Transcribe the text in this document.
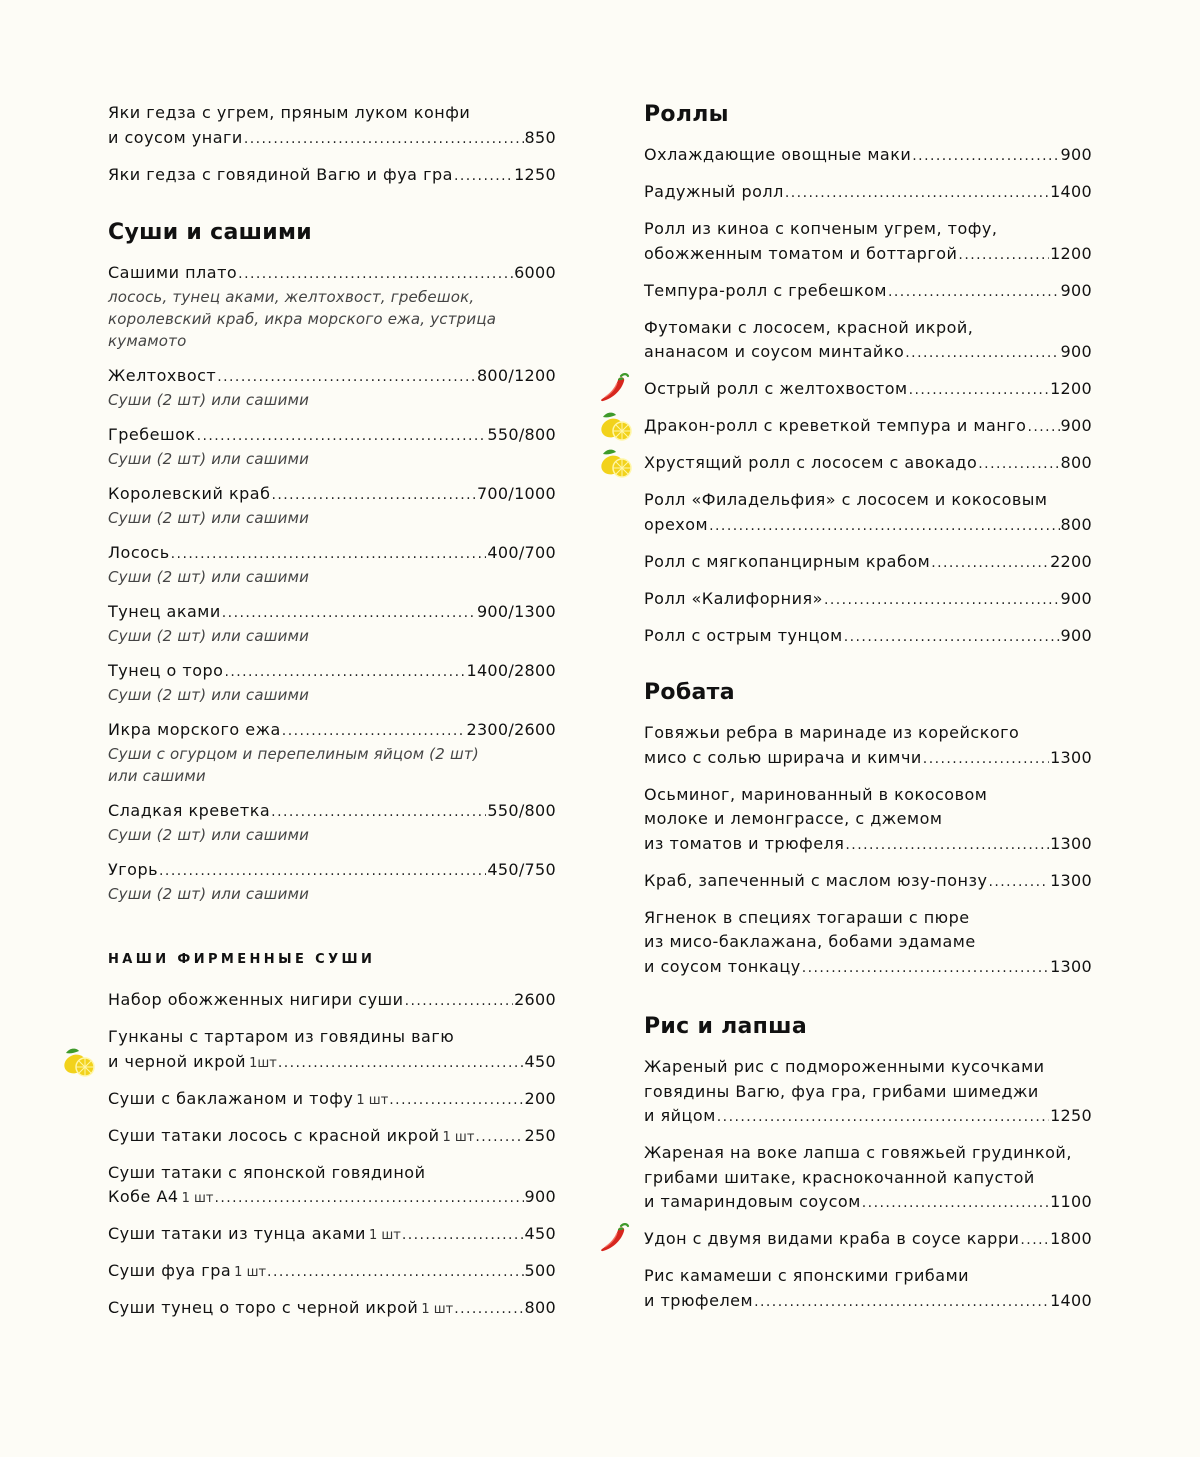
Яки гедза с угрем, пряным луком конфи
и соусом унаги . . .	850
Яки гедза с говядиной Вагю и фуа гра . . .	1250
Суши и сашими
Сашими плато . . .	6000
лосось, тунец аками, желтохвост, гребешок,
королевский краб, икра морского ежа, устрица
кумамото
Желтохвост . . .	800/1200
Суши (2 шт) или сашими
Гребешок . . .	550/800
Суши (2 шт) или сашими
Королевский краб . . .	700/1000
Суши (2 шт) или сашими
Лосось . . .	400/700
Суши (2 шт) или сашими
Тунец аками . . .	900/1300
Суши (2 шт) или сашими
Тунец о торо . . .	1400/2800
Суши (2 шт) или сашими
Икра морского ежа . . .	2300/2600
Суши с огурцом и перепелиным яйцом (2 шт)
или сашими
Сладкая креветка . . .	550/800
Суши (2 шт) или сашими
Угорь . . .	450/750
Суши (2 шт) или сашими
НАШИ ФИРМЕННЫЕ СУШИ
Набор обожженных нигири суши . . .	2600
Гунканы с тартаром из говядины вагю
и черной икрой 1шт . . .	450
Суши с баклажаном и тофу 1 шт . . .	200
Суши татаки лосось с красной икрой 1 шт . . .	250
Суши татаки с японской говядиной
Кобе А4 1 шт . . .	900
Суши татаки из тунца аками 1 шт . . .	450
Суши фуа гра 1 шт . . .	500
Суши тунец о торо с черной икрой 1 шт . . .	800
Роллы
Охлаждающие овощные маки . . .	900
Радужный ролл . . .	1400
Ролл из киноа с копченым угрем, тофу,
обожженным томатом и боттаргой . . .	1200
Темпура-ролл с гребешком . . .	900
Футомаки с лососем, красной икрой,
ананасом и соусом минтайко . . .	900
Острый ролл с желтохвостом . . .	1200
Дракон-ролл с креветкой темпура и манго . . . 900
Хрустящий ролл с лососем с авокадо . . .	800
Ролл «Филадельфия» с лососем и кокосовым
орехом . . .	800
Ролл с мягкопанцирным крабом . . .	2200
Ролл «Калифорния» . . .	900
Ролл с острым тунцом . . .	900
Робата
Говяжьи ребра в маринаде из корейского
мисо с солью шрирача и кимчи . . .	1300
Осьминог, маринованный в кокосовом
молоке и лемонграссе, с джемом
из томатов и трюфеля . . .	1300
Краб, запеченный с маслом юзу-понзу . . .	1300
Ягненок в специях тогараши с пюре
из мисо-баклажана, бобами эдамаме
и соусом тонкацу . . .	1300
Рис и лапша
Жареный рис с подмороженными кусочками
говядины Вагю, фуа гра, грибами шимеджи
и яйцом . . .	1250
Жареная на воке лапша с говяжьей грудинкой,
грибами шитаке, краснокочанной капустой
и тамариндовым соусом . . .	1100
Удон с двумя видами краба в соусе карри . . . 1800
Рис камамеши с японскими грибами
и трюфелем . . .	1400
